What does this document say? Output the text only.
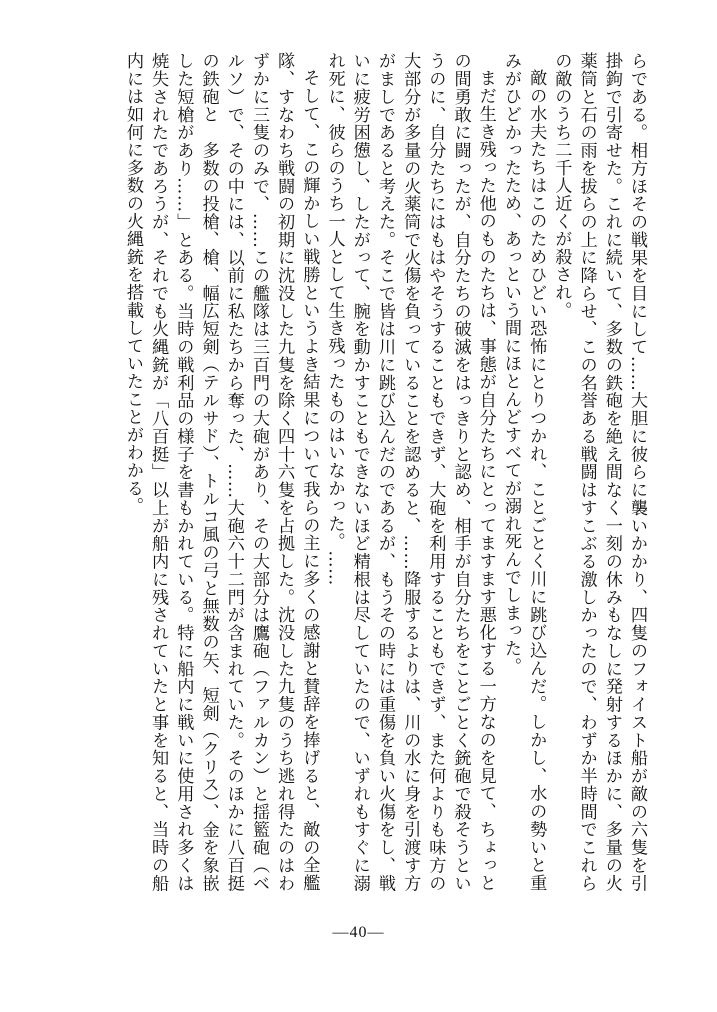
らである。相方ほその戦果を目にして……大胆に彼らに襲いかかり、四隻のフォイスト船が敵の六隻を引掛鉤で引寄せた。これに続いて、多数の鉄砲を絶え間なく一刻の休みもなしに発射するほかに、多量の火薬筒と石の雨を拔らの上に降らせ、この名誉ある戦闘はすこぶる激しかったので、わずか半時間でこれらの敵のうち二千人近くが殺され。

敵の水夫たちはこのためひどい恐怖にとりつかれ、ことごとく川に跳び込んだ。しかし、水の勢いと重みがひどかったため、あっという間にほとんどすべてが溺れ死んでしまった。

まだ生き残った他のものたちは、事態が自分たちにとってますます悪化する一方なのを見て、ちょっとの間勇敢に闘ったが、自分たちの破滅をはっきりと認め、相手が自分たちをことごとく銃砲で殺そうというのに、自分たちにはもはやそうすることもできず、大砲を利用することもできず、また何よりも味方の大部分が多量の火薬筒で火傷を負っていることを認めると、……降服するよりは、川の水に身を引渡す方がましであると考えた。そこで皆は川に跳び込んだのであるが、もうその時には重傷を負い火傷をし、戦いに疲労困憊し、したがって、腕を動かすこともできないほど精根は尽していたので、いずれもすぐに溺れ死に、彼らのうち一人として生き残ったものはいなかった。……

そして、この輝かしい戦勝というよき結果について我らの主に多くの感謝と賛辞を捧げると、敵の全艦隊、すなわち戦闘の初期に沈没した九隻を除く四十六隻を占拠した。沈没した九隻のうち逃れ得たのはわずかに三隻のみで、……この艦隊は三百門の大砲があり、その大部分は鷹砲（ファルカン）と揺籃砲（ベルソ）で、その中には、以前に私たちから奪った、……大砲六十二門が含まれていた。そのほかに八百挺の鉄砲と　多数の投槍、槍、幅広短剣（テルサド）、トルコ風の弓と無数の矢、短剣（クリス）、金を象嵌した短槍があり……」とある。当時の戦利品の様子を書もかれている。特に船内に戦いに使用され多くは焼失されたであろうが、それでも火縄銃が「八百挺」以上が船内に残されていたと事を知ると、当時の船内には如何に多数の火縄銃を搭載していたことがわかる。

—40—
